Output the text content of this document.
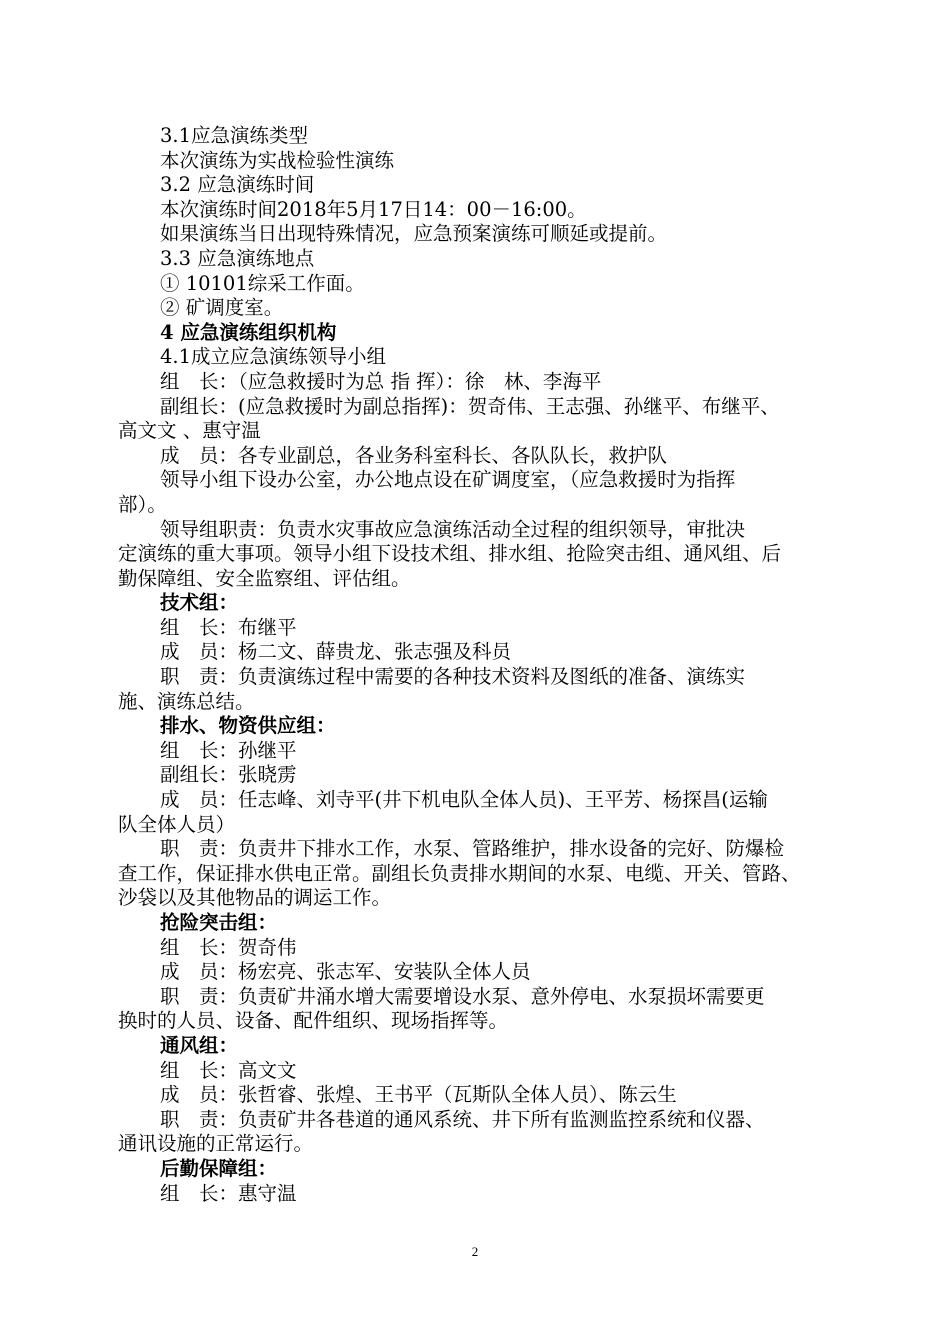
3.1应急演练类型
本次演练为实战检验性演练
3.2 应急演练时间
本次演练时间2018年5月17日14：00－16:00。
如果演练当日出现特殊情况，应急预案演练可顺延或提前。
3.3 应急演练地点
① 10101综采工作面。
② 矿调度室。
4 应急演练组织机构
4.1成立应急演练领导小组
组　长：（应急救援时为总 指 挥）：徐　林、李海平
副组长：(应急救援时为副总指挥)：贺奇伟、王志强、孙继平、布继平、
高文文 、惠守温
成　员：各专业副总，各业务科室科长、各队队长，救护队
领导小组下设办公室，办公地点设在矿调度室，（应急救援时为指挥
部）。
领导组职责：负责水灾事故应急演练活动全过程的组织领导，审批决
定演练的重大事项。领导小组下设技术组、排水组、抢险突击组、通风组、后
勤保障组、安全监察组、评估组。
技术组：
组　长：布继平
成　员：杨二文、薛贵龙、张志强及科员
职　责：负责演练过程中需要的各种技术资料及图纸的准备、演练实
施、演练总结。
排水、物资供应组：
组　长：孙继平
副组长：张晓雳
成　员：任志峰、刘寺平(井下机电队全体人员)、王平芳、杨探昌(运输
队全体人员）
职　责：负责井下排水工作，水泵、管路维护，排水设备的完好、防爆检
查工作，保证排水供电正常。副组长负责排水期间的水泵、电缆、开关、管路、
沙袋以及其他物品的调运工作。
抢险突击组：
组　长：贺奇伟
成　员：杨宏亮、张志军、安装队全体人员
职　责：负责矿井涌水增大需要增设水泵、意外停电、水泵损坏需要更
换时的人员、设备、配件组织、现场指挥等。
通风组：
组　长：高文文
成　员：张哲睿、张煌、王书平（瓦斯队全体人员）、陈云生
职　责：负责矿井各巷道的通风系统、井下所有监测监控系统和仪器、
通讯设施的正常运行。
后勤保障组：
组　长：惠守温
2
